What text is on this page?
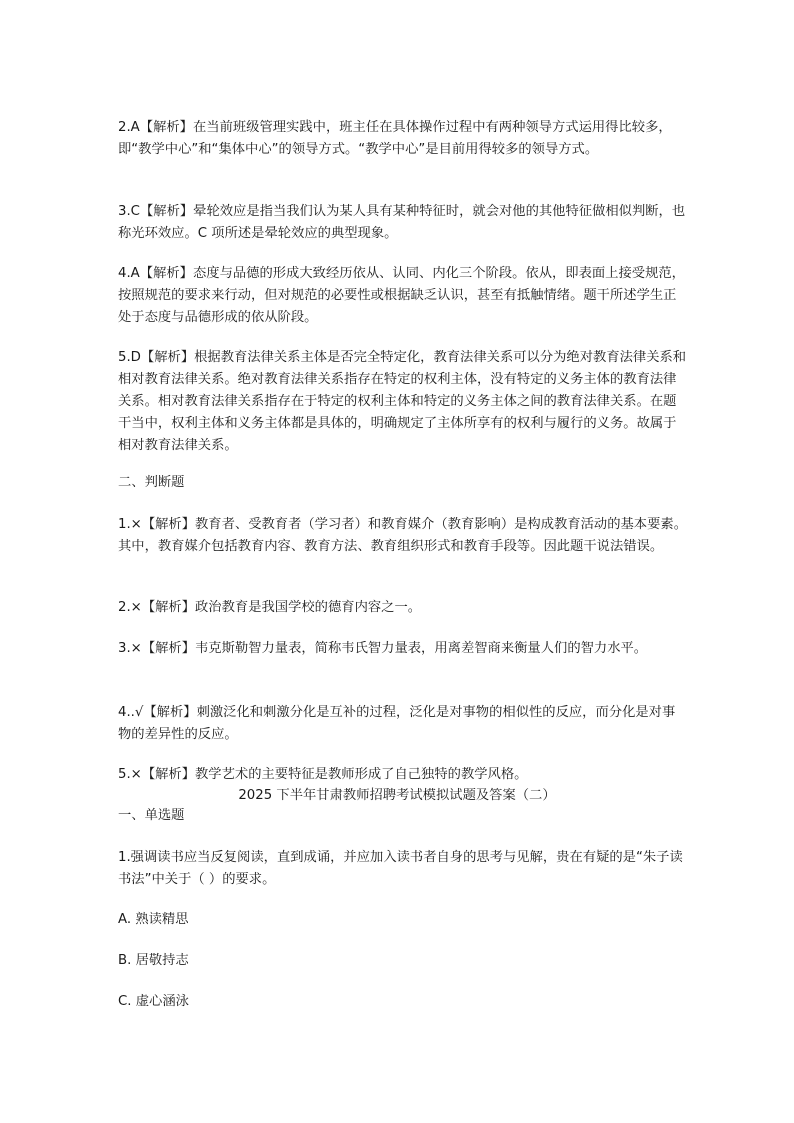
2.A【解析】在当前班级管理实践中，班主任在具体操作过程中有两种领导方式运用得比较多，即“教学中心”和“集体中心”的领导方式。“教学中心”是目前用得较多的领导方式。

3.C【解析】晕轮效应是指当我们认为某人具有某种特征时，就会对他的其他特征做相似判断，也称光环效应。C 项所述是晕轮效应的典型现象。

4.A【解析】态度与品德的形成大致经历依从、认同、内化三个阶段。依从，即表面上接受规范，按照规范的要求来行动，但对规范的必要性或根据缺乏认识，甚至有抵触情绪。题干所述学生正处于态度与品德形成的依从阶段。

5.D【解析】根据教育法律关系主体是否完全特定化，教育法律关系可以分为绝对教育法律关系和相对教育法律关系。绝对教育法律关系指存在特定的权利主体，没有特定的义务主体的教育法律关系。相对教育法律关系指存在于特定的权利主体和特定的义务主体之间的教育法律关系。在题干当中，权利主体和义务主体都是具体的，明确规定了主体所享有的权利与履行的义务。故属于相对教育法律关系。

二、判断题

1.×【解析】教育者、受教育者（学习者）和教育媒介（教育影响）是构成教育活动的基本要素。其中，教育媒介包括教育内容、教育方法、教育组织形式和教育手段等。因此题干说法错误。

2.×【解析】政治教育是我国学校的德育内容之一。

3.×【解析】韦克斯勒智力量表，简称韦氏智力量表，用离差智商来衡量人们的智力水平。

4..√【解析】刺激泛化和刺激分化是互补的过程，泛化是对事物的相似性的反应，而分化是对事物的差异性的反应。

5.×【解析】教学艺术的主要特征是教师形成了自己独特的教学风格。

2025 下半年甘肃教师招聘考试模拟试题及答案（二）

一、单选题

1.强调读书应当反复阅读，直到成诵，并应加入读书者自身的思考与见解，贵在有疑的是“朱子读书法”中关于（ ）的要求。

A. 熟读精思

B. 居敬持志

C. 虚心涵泳
